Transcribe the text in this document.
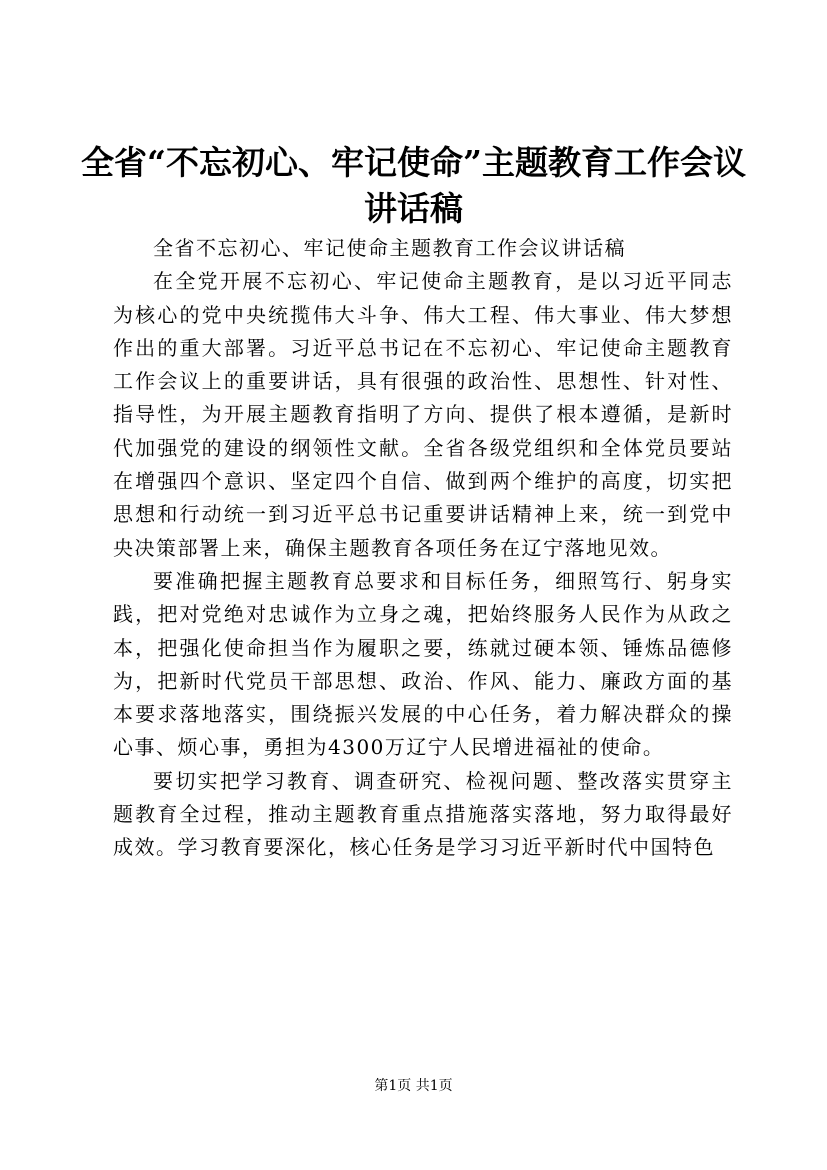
全省“不忘初心、牢记使命”主题教育工作会议讲话稿

全省不忘初心、牢记使命主题教育工作会议讲话稿

在全党开展不忘初心、牢记使命主题教育，是以习近平同志为核心的党中央统揽伟大斗争、伟大工程、伟大事业、伟大梦想作出的重大部署。习近平总书记在不忘初心、牢记使命主题教育工作会议上的重要讲话，具有很强的政治性、思想性、针对性、指导性，为开展主题教育指明了方向、提供了根本遵循，是新时代加强党的建设的纲领性文献。全省各级党组织和全体党员要站在增强四个意识、坚定四个自信、做到两个维护的高度，切实把思想和行动统一到习近平总书记重要讲话精神上来，统一到党中央决策部署上来，确保主题教育各项任务在辽宁落地见效。

要准确把握主题教育总要求和目标任务，细照笃行、躬身实践，把对党绝对忠诚作为立身之魂，把始终服务人民作为从政之本，把强化使命担当作为履职之要，练就过硬本领、锤炼品德修为，把新时代党员干部思想、政治、作风、能力、廉政方面的基本要求落地落实，围绕振兴发展的中心任务，着力解决群众的操心事、烦心事，勇担为4300万辽宁人民增进福祉的使命。

要切实把学习教育、调查研究、检视问题、整改落实贯穿主题教育全过程，推动主题教育重点措施落实落地，努力取得最好成效。学习教育要深化，核心任务是学习习近平新时代中国特色

第1页 共1页
